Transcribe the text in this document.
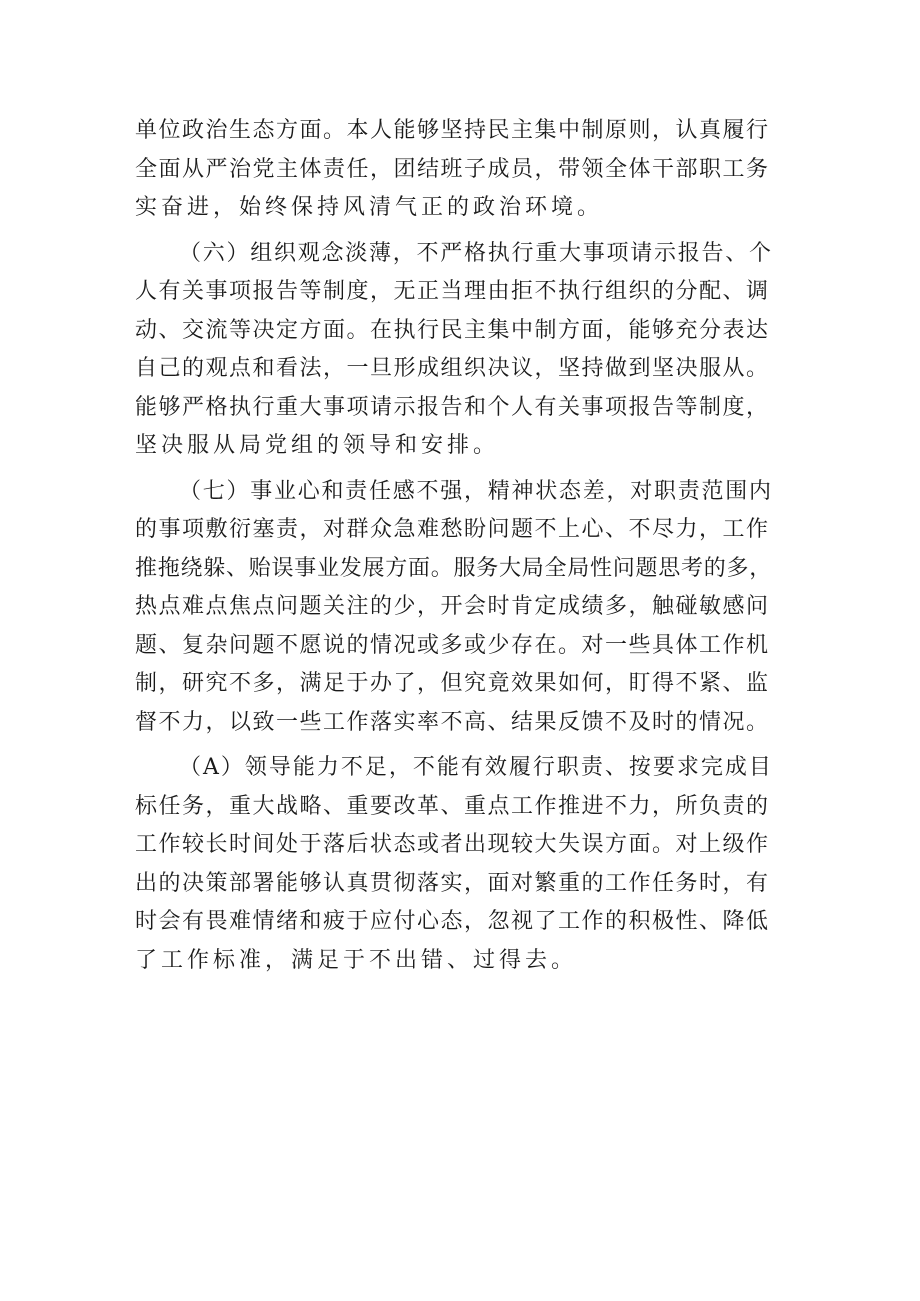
单位政治生态方面。本人能够坚持民主集中制原则，认真履行
全面从严治党主体责任，团结班子成员，带领全体干部职工务
实奋进，始终保持风清气正的政治环境。

（六）组织观念淡薄，不严格执行重大事项请示报告、个
人有关事项报告等制度，无正当理由拒不执行组织的分配、调
动、交流等决定方面。在执行民主集中制方面，能够充分表达
自己的观点和看法，一旦形成组织决议，坚持做到坚决服从。
能够严格执行重大事项请示报告和个人有关事项报告等制度，
坚决服从局党组的领导和安排。

（七）事业心和责任感不强，精神状态差，对职责范围内
的事项敷衍塞责，对群众急难愁盼问题不上心、不尽力，工作
推拖绕躲、贻误事业发展方面。服务大局全局性问题思考的多，
热点难点焦点问题关注的少，开会时肯定成绩多，触碰敏感问
题、复杂问题不愿说的情况或多或少存在。对一些具体工作机
制，研究不多，满足于办了，但究竟效果如何，盯得不紧、监
督不力，以致一些工作落实率不高、结果反馈不及时的情况。

（A）领导能力不足，不能有效履行职责、按要求完成目
标任务，重大战略、重要改革、重点工作推进不力，所负责的
工作较长时间处于落后状态或者出现较大失误方面。对上级作
出的决策部署能够认真贯彻落实，面对繁重的工作任务时，有
时会有畏难情绪和疲于应付心态，忽视了工作的积极性、降低
了工作标准，满足于不出错、过得去。
